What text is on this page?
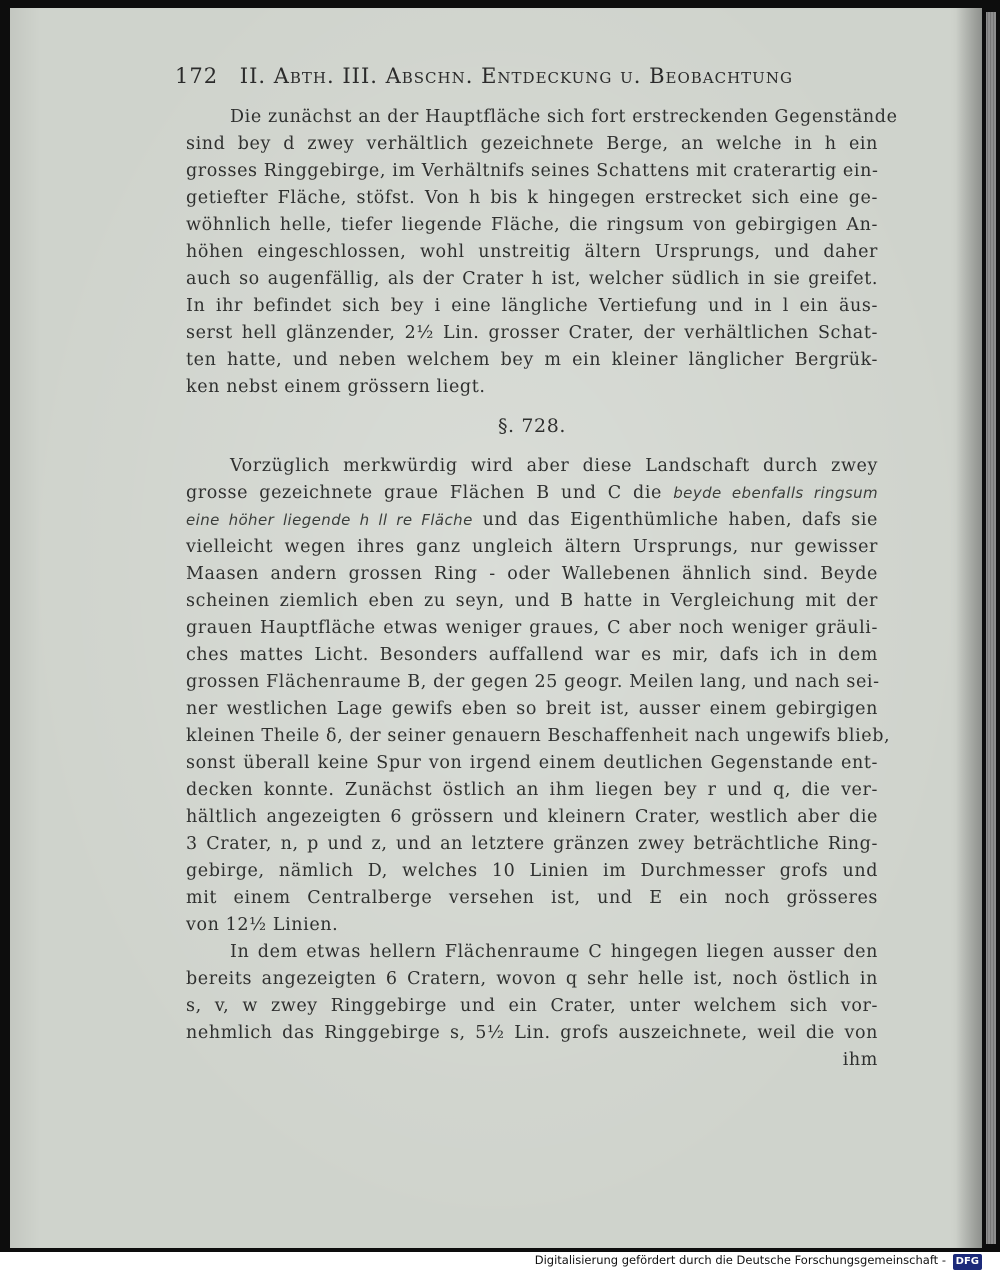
172 II. Abth. III. Abschn. Entdeckung u. Beobachtung
Die zunächst an der Hauptfläche sich fort erstreckenden Gegenstände
sind bey d zwey verhältlich gezeichnete Berge, an welche in h ein
grosses Ringgebirge, im Verhältnifs seines Schattens mit craterartig ein-
getiefter Fläche, stöfst. Von h bis k hingegen erstrecket sich eine ge-
wöhnlich helle, tiefer liegende Fläche, die ringsum von gebirgigen An-
höhen eingeschlossen, wohl unstreitig ältern Ursprungs, und daher
auch so augenfällig, als der Crater h ist, welcher südlich in sie greifet.
In ihr befindet sich bey i eine längliche Vertiefung und in l ein äus-
serst hell glänzender, 2½ Lin. grosser Crater, der verhältlichen Schat-
ten hatte, und neben welchem bey m ein kleiner länglicher Bergrük-
ken nebst einem grössern liegt.
§. 728.
Vorzüglich merkwürdig wird aber diese Landschaft durch zwey
grosse gezeichnete graue Flächen B und C die beyde ebenfalls ringsum
eine höher liegende h ll re Fläche und das Eigenthümliche haben, dafs sie
vielleicht wegen ihres ganz ungleich ältern Ursprungs, nur gewisser
Maasen andern grossen Ring - oder Wallebenen ähnlich sind. Beyde
scheinen ziemlich eben zu seyn, und B hatte in Vergleichung mit der
grauen Hauptfläche etwas weniger graues, C aber noch weniger gräuli-
ches mattes Licht. Besonders auffallend war es mir, dafs ich in dem
grossen Flächenraume B, der gegen 25 geogr. Meilen lang, und nach sei-
ner westlichen Lage gewifs eben so breit ist, ausser einem gebirgigen
kleinen Theile δ, der seiner genauern Beschaffenheit nach ungewifs blieb,
sonst überall keine Spur von irgend einem deutlichen Gegenstande ent-
decken konnte. Zunächst östlich an ihm liegen bey r und q, die ver-
hältlich angezeigten 6 grössern und kleinern Crater, westlich aber die
3 Crater, n, p und z, und an letztere gränzen zwey beträchtliche Ring-
gebirge, nämlich D, welches 10 Linien im Durchmesser grofs und
mit einem Centralberge versehen ist, und E ein noch grösseres
von 12½ Linien.
In dem etwas hellern Flächenraume C hingegen liegen ausser den
bereits angezeigten 6 Cratern, wovon q sehr helle ist, noch östlich in
s, v, w zwey Ringgebirge und ein Crater, unter welchem sich vor-
nehmlich das Ringgebirge s, 5½ Lin. grofs auszeichnete, weil die von
ihm
Digitalisierung gefördert durch die Deutsche Forschungsgemeinschaft - DFG
